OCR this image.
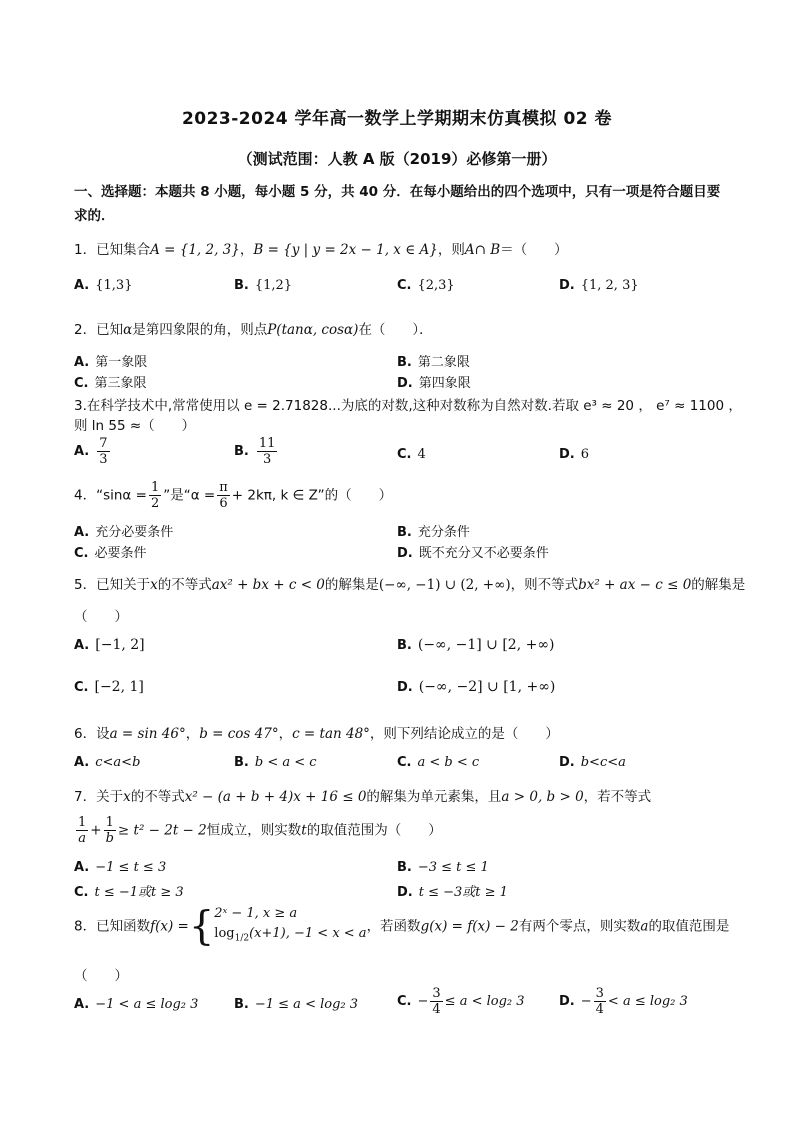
2023-2024 学年高一数学上学期期末仿真模拟 02 卷
（测试范围：人教 A 版（2019）必修第一册）
一、选择题：本题共 8 小题，每小题 5 分，共 40 分．在每小题给出的四个选项中，只有一项是符合题目要
求的．
1．已知集合A = {1, 2, 3}，B = {y | y = 2x − 1, x ∈ A}，则A∩ B＝（　　）
A. {1,3}	B. {1,2}	C. {2,3}	D. {1, 2, 3}
2．已知α是第四象限的角，则点P(tanα, cosα)在（　　）．
A. 第一象限	B. 第二象限
C. 第三象限	D. 第四象限
3.在科学技术中,常常使用以 e = 2.71828...为底的对数,这种对数称为自然对数.若取 e³ ≈ 20 ， e⁷ ≈ 1100 ，
则 ln 55 ≈（　　）
A. $\frac{7}{3}$	B. $\frac{11}{3}$	C. 4	D. 6
4．“$\sin\alpha = \frac{1}{2}$ ”是“$\alpha = \frac{\pi}{6} + 2k\pi$, k ∈ Z”的（　　）
A. 充分必要条件	B. 充分条件
C. 必要条件	D. 既不充分又不必要条件
5．已知关于x的不等式ax² + bx + c < 0的解集是(−∞, −1) ∪ (2, +∞)，则不等式bx² + ax − c ≤ 0的解集是
（　　）
A. [−1, 2]	B. (−∞, −1] ∪ [2, +∞)
C. [−2, 1]	D. (−∞, −2] ∪ [1, +∞)
6．设a = sin 46°，b = cos 47°，c = tan 48°，则下列结论成立的是（　　）
A. c<a<b	B. b < a < c	C. a < b < c	D. b<c<a
7．关于x的不等式x² − (a + b + 4)x + 16 ≤ 0的解集为单元素集，且a > 0, b > 0，若不等式
$\frac{1}{a} + \frac{1}{b} \ge t^2 - 2t - 2$恒成立，则实数t的取值范围为（　　）
A. −1 ≤ t ≤ 3	B. −3 ≤ t ≤ 1
C. t ≤ −1或t ≥ 3	D. t ≤ −3或t ≥ 1
8．已知函数f(x) ={ 2ˣ − 1, x ≥ a
$\log_{1/2}(x+1)$, −1 < x < a ，若函数g(x) = f(x) − 2有两个零点，则实数a的取值范围是
（　　）
A. −1 < a ≤ log₂ 3	B. −1 ≤ a < log₂ 3	C. − $\frac{3}{4} \le a < \log_2$ 3	D. − $\frac{3}{4} < a \le \log_2$ 3
